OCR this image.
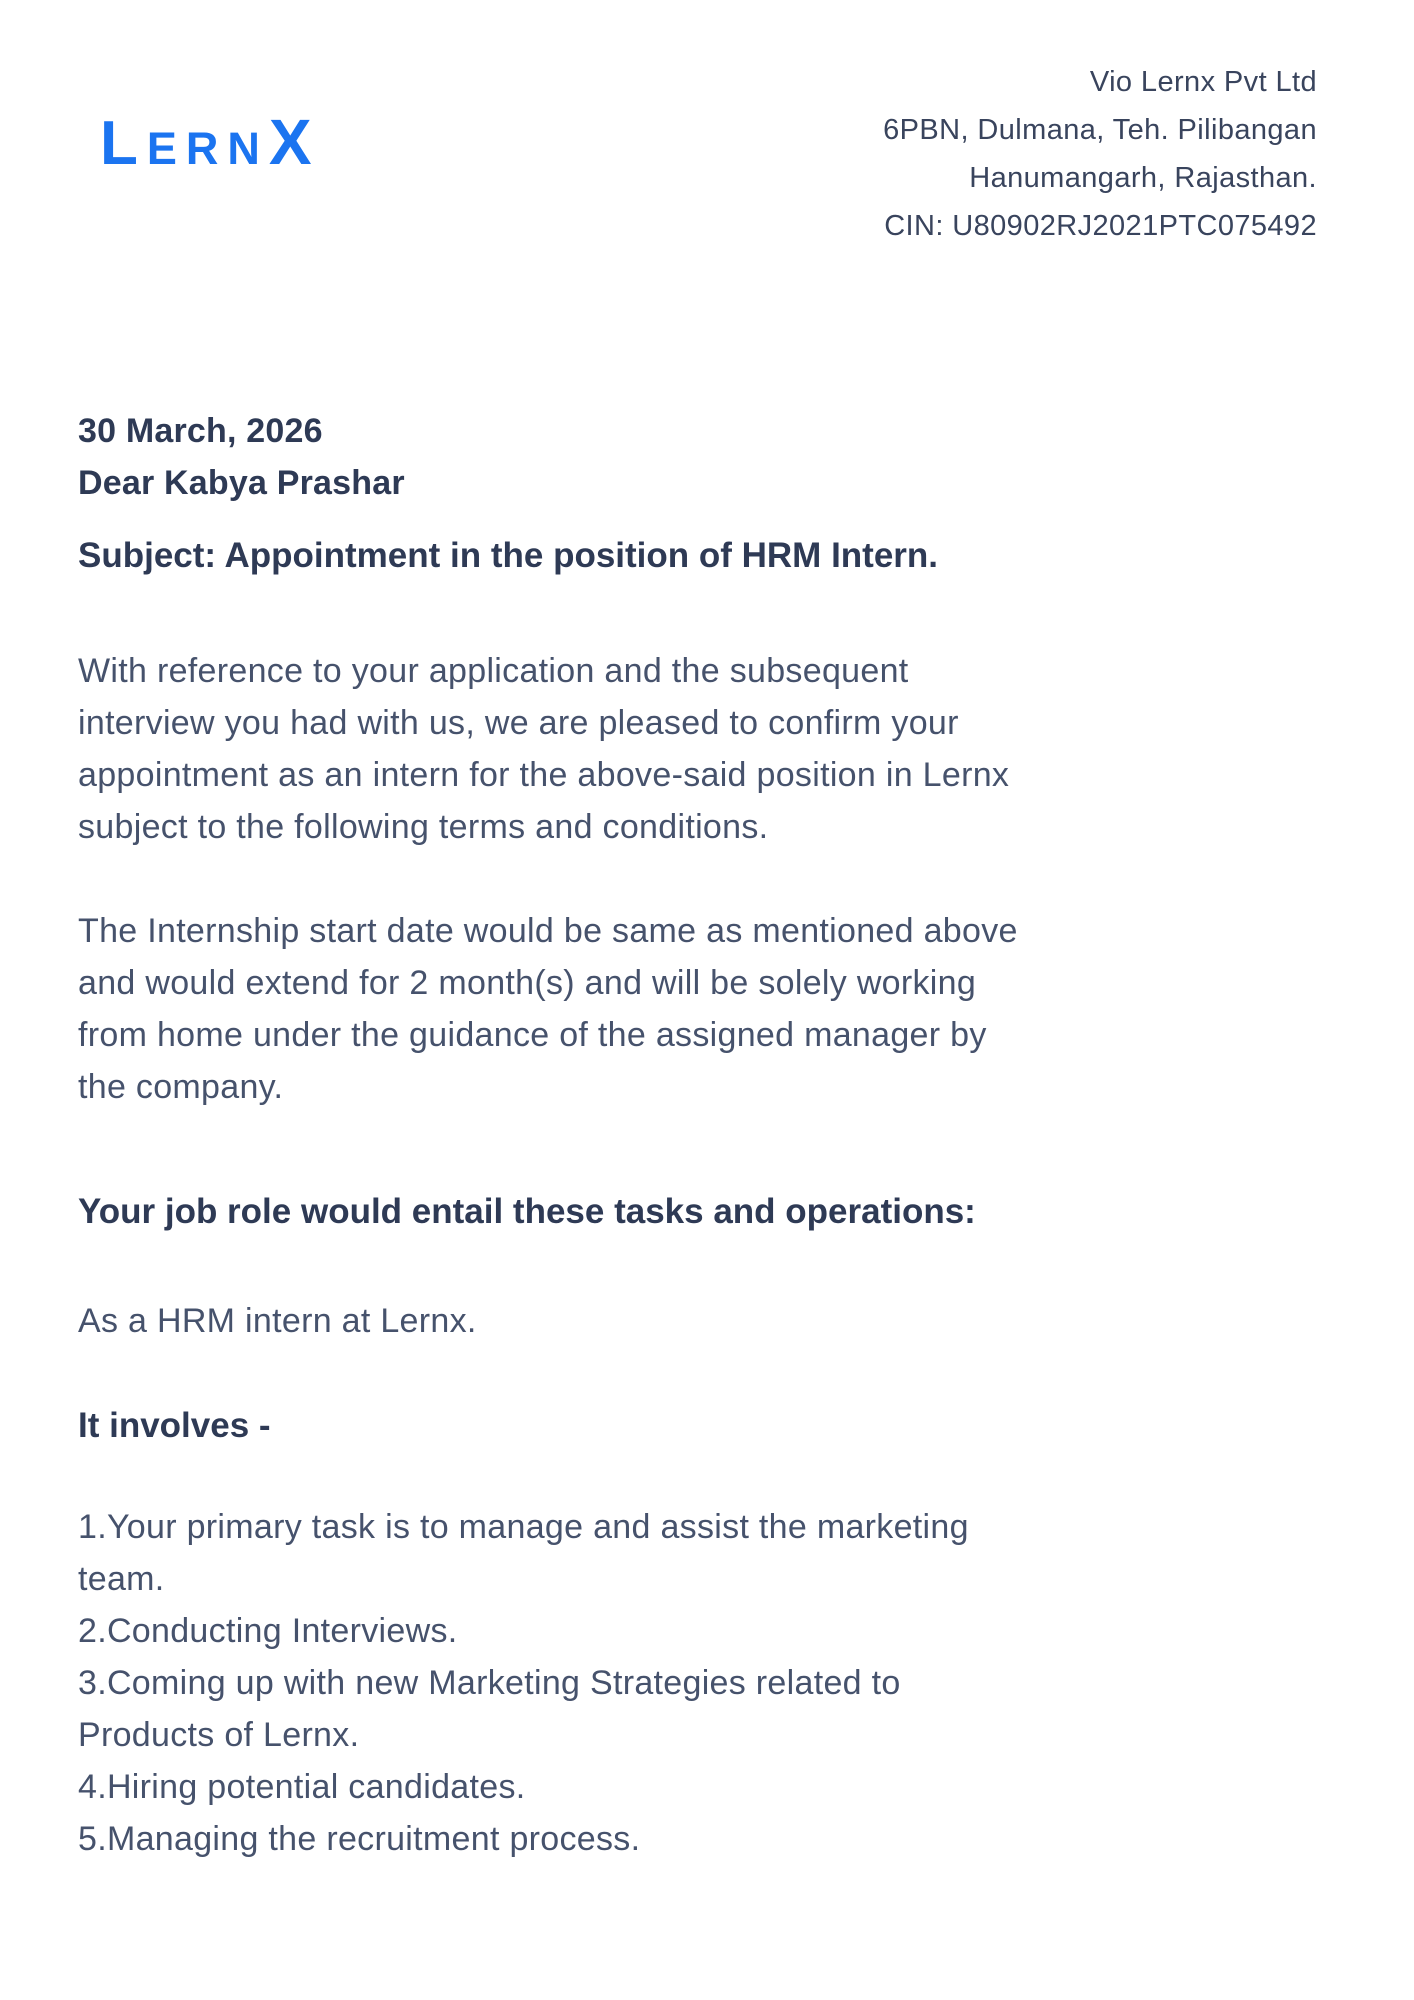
L ERN X
Vio Lernx Pvt Ltd
6PBN, Dulmana, Teh. Pilibangan
Hanumangarh, Rajasthan.
CIN: U80902RJ2021PTC075492
30 March, 2026
Dear Kabya Prashar
Subject: Appointment in the position of HRM Intern.
With reference to your application and the subsequent
interview you had with us, we are pleased to confirm your
appointment as an intern for the above-said position in Lernx
subject to the following terms and conditions.
The Internship start date would be same as mentioned above
and would extend for 2 month(s) and will be solely working
from home under the guidance of the assigned manager by
the company.
Your job role would entail these tasks and operations:
As a HRM intern at Lernx.
It involves -
1.Your primary task is to manage and assist the marketing
team.
2.Conducting Interviews.
3.Coming up with new Marketing Strategies related to
Products of Lernx.
4.Hiring potential candidates.
5.Managing the recruitment process.
